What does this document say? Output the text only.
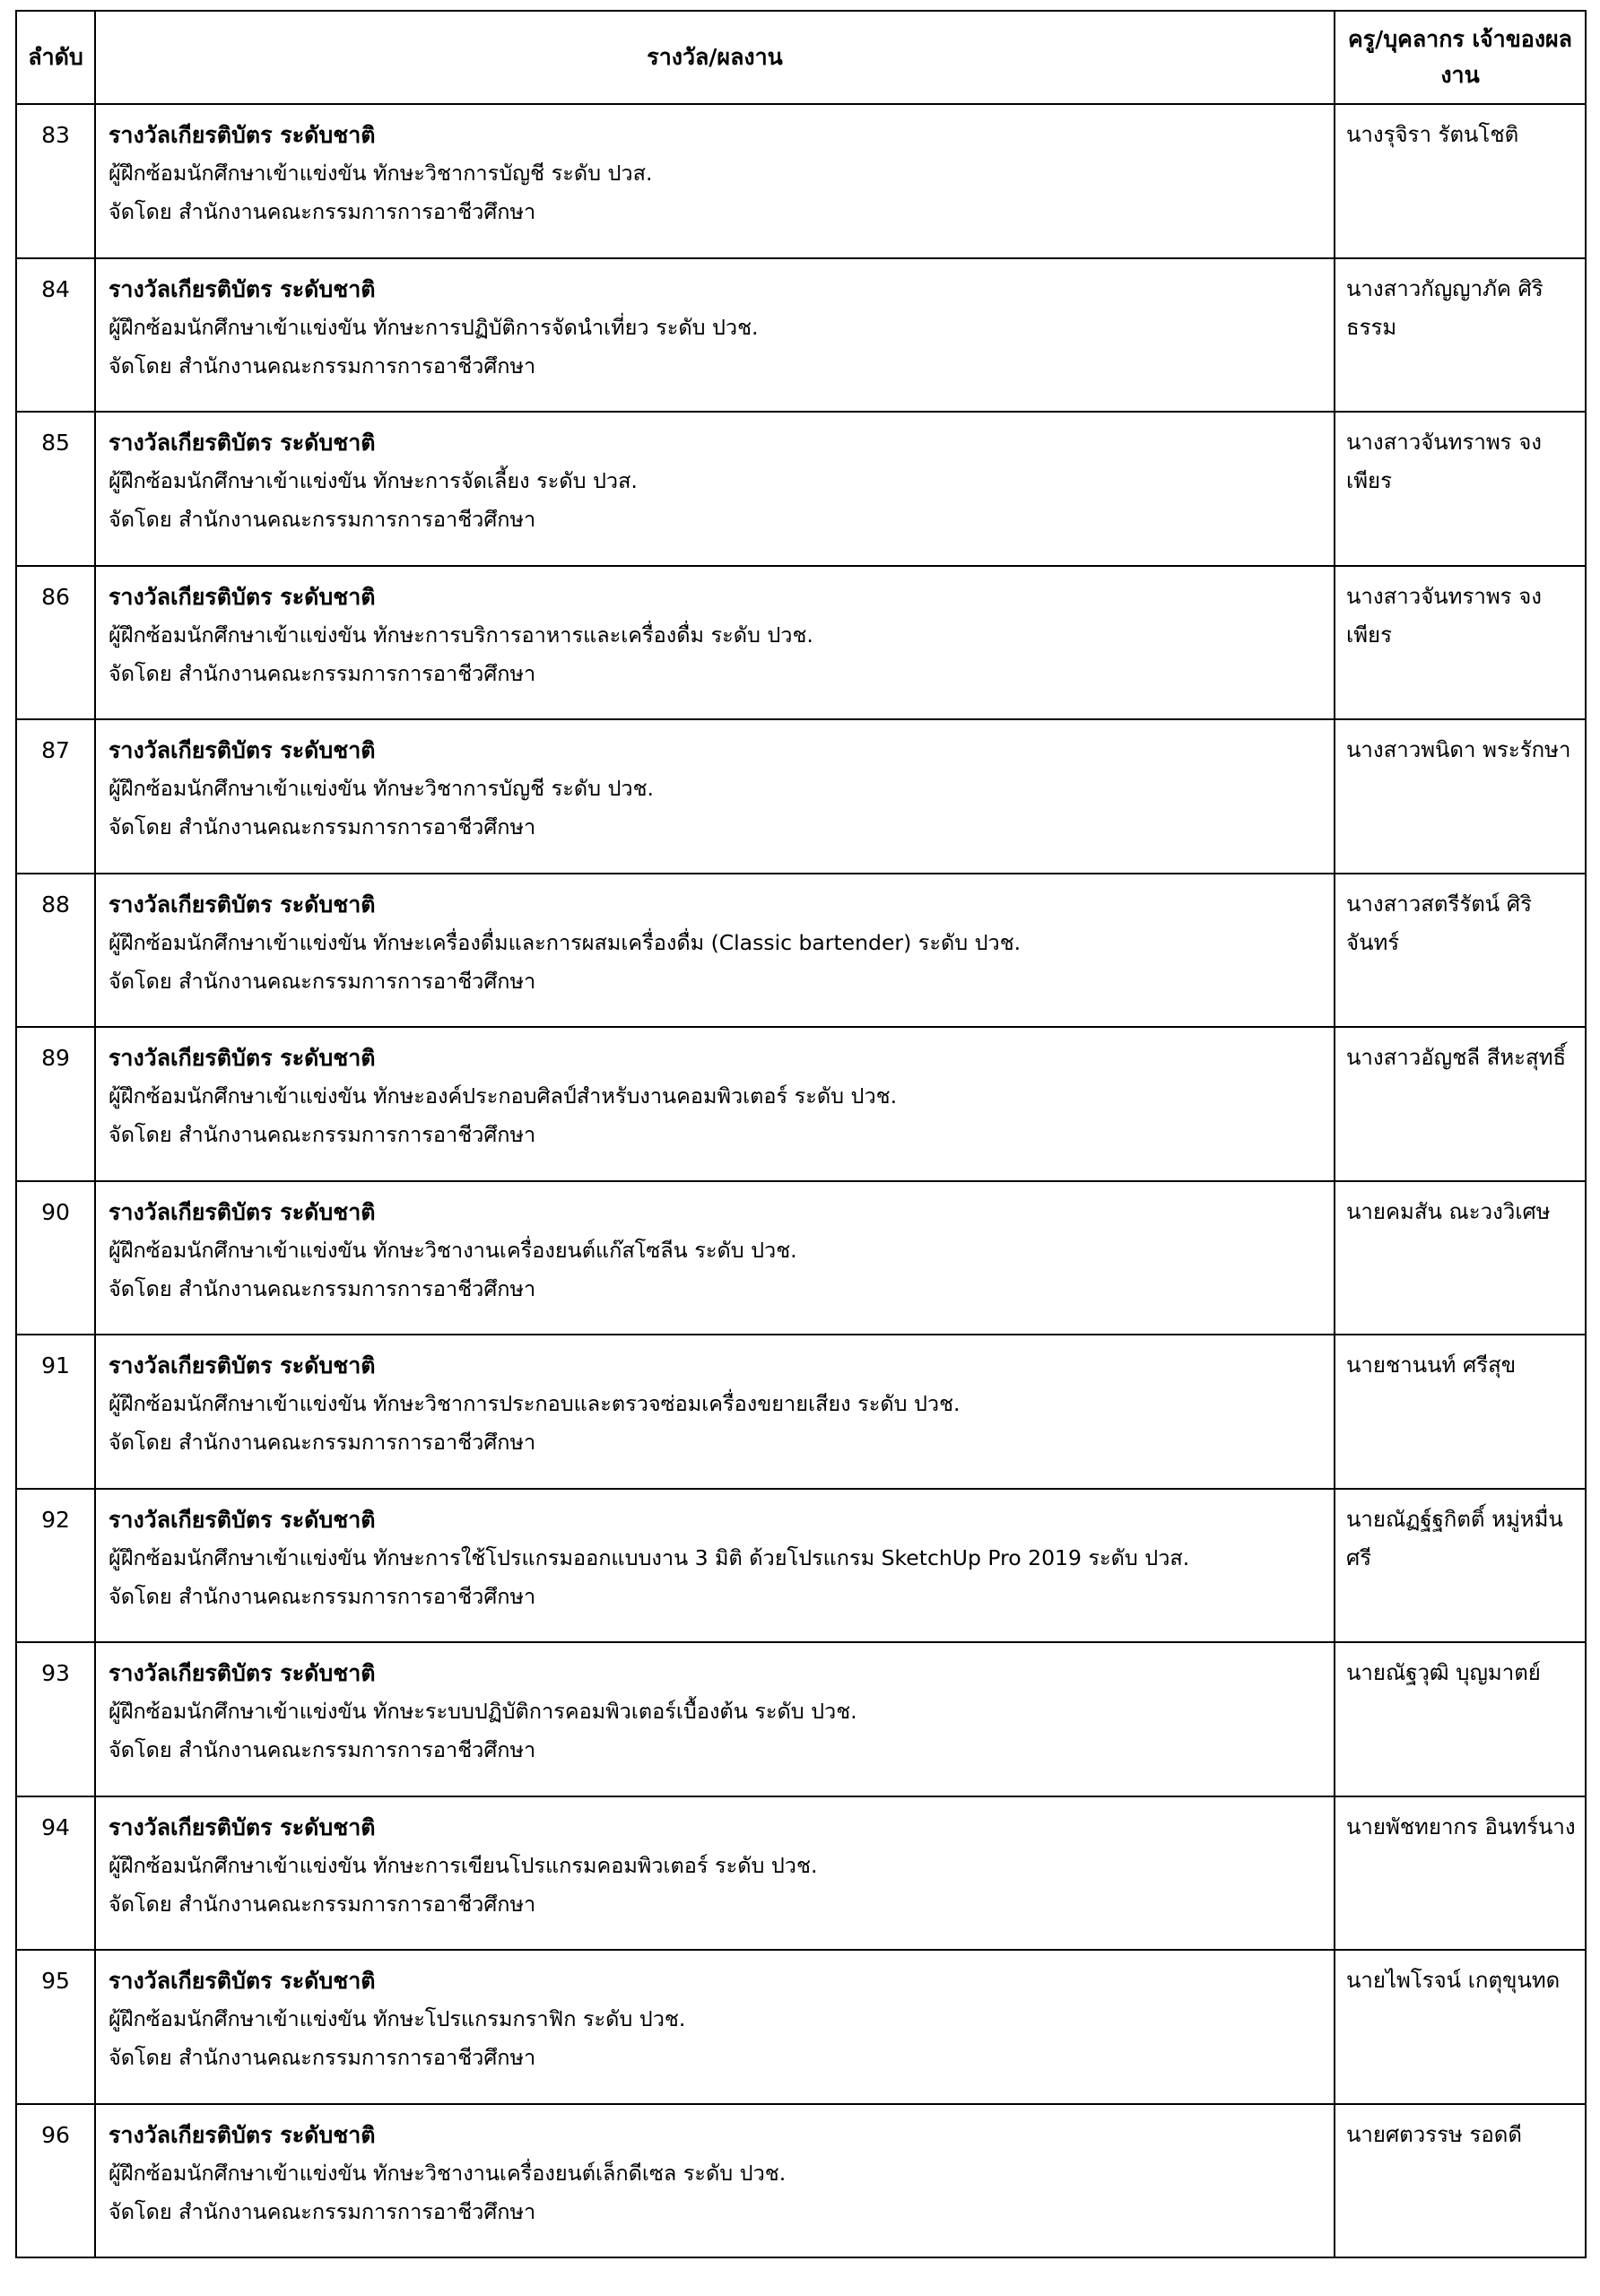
ลำดับ	รางวัล/ผลงาน	ครู/บุคลากร เจ้าของผลงาน
83	รางวัลเกียรติบัตร ระดับชาติ
ผู้ฝึกซ้อมนักศึกษาเข้าแข่งขัน ทักษะวิชาการบัญชี ระดับ ปวส.
จัดโดย สำนักงานคณะกรรมการการอาชีวศึกษา	นางรุจิรา รัตนโชติ
84	รางวัลเกียรติบัตร ระดับชาติ
ผู้ฝึกซ้อมนักศึกษาเข้าแข่งขัน ทักษะการปฏิบัติการจัดนำเที่ยว ระดับ ปวช.
จัดโดย สำนักงานคณะกรรมการการอาชีวศึกษา	นางสาวกัญญาภัค ศิริธรรม
85	รางวัลเกียรติบัตร ระดับชาติ
ผู้ฝึกซ้อมนักศึกษาเข้าแข่งขัน ทักษะการจัดเลี้ยง ระดับ ปวส.
จัดโดย สำนักงานคณะกรรมการการอาชีวศึกษา	นางสาวจันทราพร จงเพียร
86	รางวัลเกียรติบัตร ระดับชาติ
ผู้ฝึกซ้อมนักศึกษาเข้าแข่งขัน ทักษะการบริการอาหารและเครื่องดื่ม ระดับ ปวช.
จัดโดย สำนักงานคณะกรรมการการอาชีวศึกษา	นางสาวจันทราพร จงเพียร
87	รางวัลเกียรติบัตร ระดับชาติ
ผู้ฝึกซ้อมนักศึกษาเข้าแข่งขัน ทักษะวิชาการบัญชี ระดับ ปวช.
จัดโดย สำนักงานคณะกรรมการการอาชีวศึกษา	นางสาวพนิดา พระรักษา
88	รางวัลเกียรติบัตร ระดับชาติ
ผู้ฝึกซ้อมนักศึกษาเข้าแข่งขัน ทักษะเครื่องดื่มและการผสมเครื่องดื่ม (Classic bartender) ระดับ ปวช.
จัดโดย สำนักงานคณะกรรมการการอาชีวศึกษา	นางสาวสตรีรัตน์ ศิริจันทร์
89	รางวัลเกียรติบัตร ระดับชาติ
ผู้ฝึกซ้อมนักศึกษาเข้าแข่งขัน ทักษะองค์ประกอบศิลป์สำหรับงานคอมพิวเตอร์ ระดับ ปวช.
จัดโดย สำนักงานคณะกรรมการการอาชีวศึกษา	นางสาวอัญชลี สีหะสุทธิ์
90	รางวัลเกียรติบัตร ระดับชาติ
ผู้ฝึกซ้อมนักศึกษาเข้าแข่งขัน ทักษะวิชางานเครื่องยนต์แก๊สโซลีน ระดับ ปวช.
จัดโดย สำนักงานคณะกรรมการการอาชีวศึกษา	นายคมสัน ณะวงวิเศษ
91	รางวัลเกียรติบัตร ระดับชาติ
ผู้ฝึกซ้อมนักศึกษาเข้าแข่งขัน ทักษะวิชาการประกอบและตรวจซ่อมเครื่องขยายเสียง ระดับ ปวช.
จัดโดย สำนักงานคณะกรรมการการอาชีวศึกษา	นายชานนท์ ศรีสุข
92	รางวัลเกียรติบัตร ระดับชาติ
ผู้ฝึกซ้อมนักศึกษาเข้าแข่งขัน ทักษะการใช้โปรแกรมออกแบบงาน 3 มิติ ด้วยโปรแกรม SketchUp Pro 2019 ระดับ ปวส.
จัดโดย สำนักงานคณะกรรมการการอาชีวศึกษา	นายณัฏฐ์ฐกิตติ์ หมู่หมื่นศรี
93	รางวัลเกียรติบัตร ระดับชาติ
ผู้ฝึกซ้อมนักศึกษาเข้าแข่งขัน ทักษะระบบปฏิบัติการคอมพิวเตอร์เบื้องต้น ระดับ ปวช.
จัดโดย สำนักงานคณะกรรมการการอาชีวศึกษา	นายณัฐวุฒิ บุญมาตย์
94	รางวัลเกียรติบัตร ระดับชาติ
ผู้ฝึกซ้อมนักศึกษาเข้าแข่งขัน ทักษะการเขียนโปรแกรมคอมพิวเตอร์ ระดับ ปวช.
จัดโดย สำนักงานคณะกรรมการการอาชีวศึกษา	นายพัชทยากร อินทร์นาง
95	รางวัลเกียรติบัตร ระดับชาติ
ผู้ฝึกซ้อมนักศึกษาเข้าแข่งขัน ทักษะโปรแกรมกราฟิก ระดับ ปวช.
จัดโดย สำนักงานคณะกรรมการการอาชีวศึกษา	นายไพโรจน์ เกตุขุนทด
96	รางวัลเกียรติบัตร ระดับชาติ
ผู้ฝึกซ้อมนักศึกษาเข้าแข่งขัน ทักษะวิชางานเครื่องยนต์เล็กดีเซล ระดับ ปวช.
จัดโดย สำนักงานคณะกรรมการการอาชีวศึกษา	นายศตวรรษ รอดดี
